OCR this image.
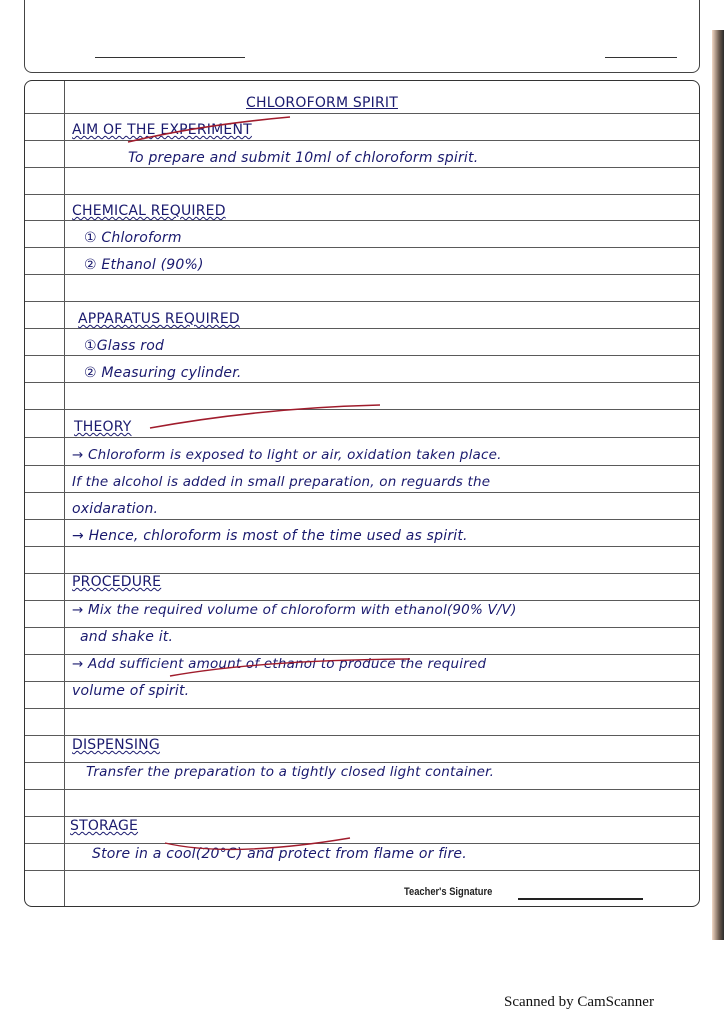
CHLOROFORM SPIRIT
AIM OF THE EXPERIMENT
To prepare and submit 10ml of chloroform spirit.
CHEMICAL REQUIRED
① Chloroform
② Ethanol (90%)
APPARATUS REQUIRED
①Glass rod
② Measuring cylinder.
THEORY
→ Chloroform is exposed to light or air, oxidation taken place.
If the alcohol is added in small preparation, on reguards the
oxidaration.
→ Hence, chloroform is most of the time used as spirit.
PROCEDURE
→ Mix the required volume of chloroform with ethanol(90% V/V)
and shake it.
→ Add sufficient amount of ethanol to produce the required
volume of spirit.
DISPENSING
Transfer the preparation to a tightly closed light container.
STORAGE
Store in a cool(20°C) and protect from flame or fire.
Teacher's Signature
Scanned by CamScanner
